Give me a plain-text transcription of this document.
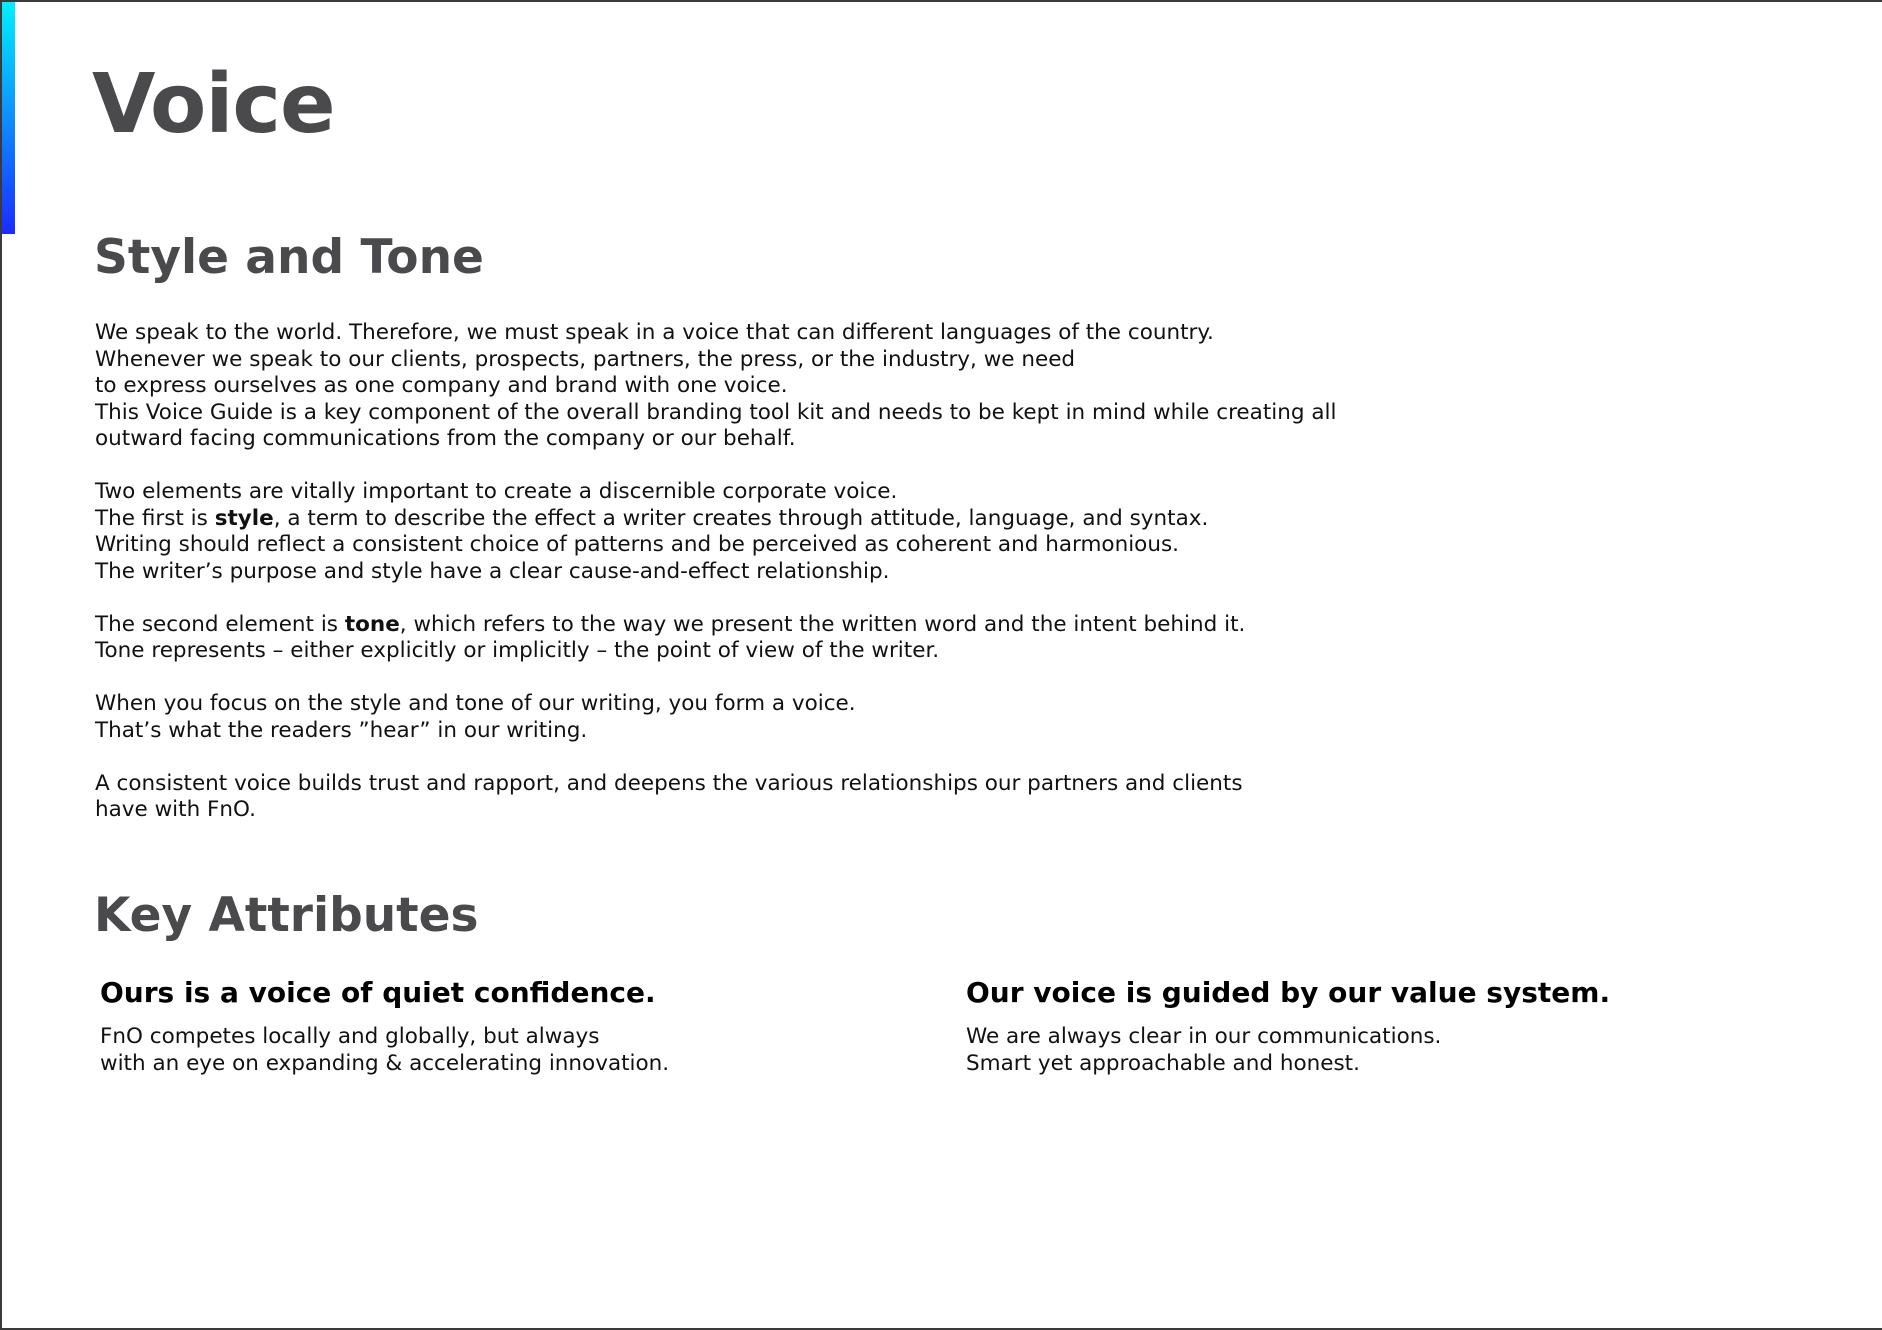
Voice
Style and Tone

We speak to the world. Therefore, we must speak in a voice that can different languages of the country.
Whenever we speak to our clients, prospects, partners, the press, or the industry, we need
to express ourselves as one company and brand with one voice.
This Voice Guide is a key component of the overall branding tool kit and needs to be kept in mind while creating all
outward facing communications from the company or our behalf.

Two elements are vitally important to create a discernible corporate voice.
The first is style, a term to describe the effect a writer creates through attitude, language, and syntax.
Writing should reflect a consistent choice of patterns and be perceived as coherent and harmonious.
The writer’s purpose and style have a clear cause-and-effect relationship.

The second element is tone, which refers to the way we present the written word and the intent behind it.
Tone represents – either explicitly or implicitly – the point of view of the writer.

When you focus on the style and tone of our writing, you form a voice.
That’s what the readers ”hear” in our writing.

A consistent voice builds trust and rapport, and deepens the various relationships our partners and clients
have with FnO.

Key Attributes
Ours is a voice of quiet confidence.
FnO competes locally and globally, but always
with an eye on expanding & accelerating innovation.
Our voice is guided by our value system.
We are always clear in our communications.
Smart yet approachable and honest.
